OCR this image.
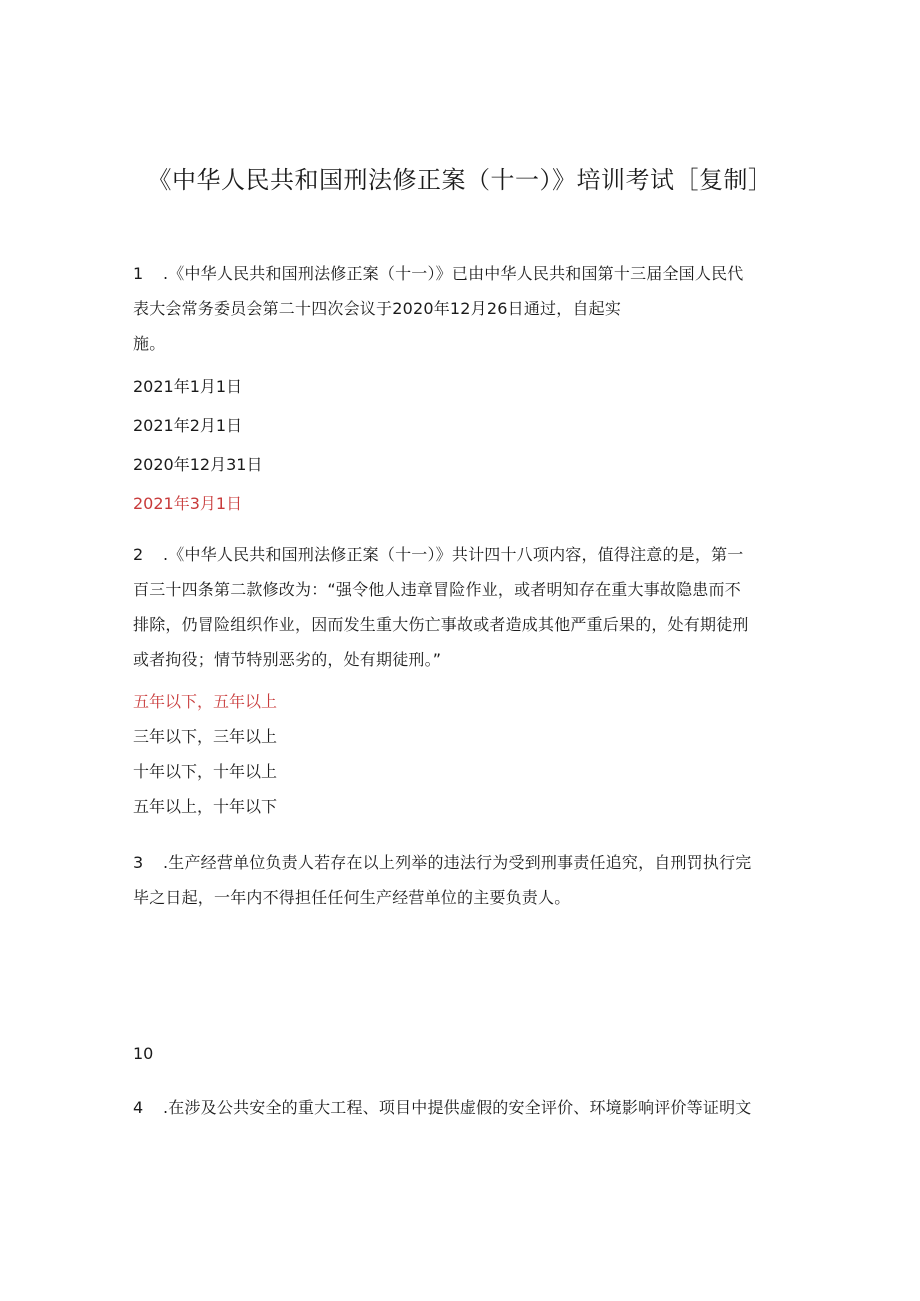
《中华人民共和国刑法修正案（十一）》培训考试［复制］
1 .《中华人民共和国刑法修正案（十一）》已由中华人民共和国第十三届全国人民代
表大会常务委员会第二十四次会议于2020年12月26日通过，自起实
施。
2021年1月1日
2021年2月1日
2020年12月31日
2021年3月1日
2 .《中华人民共和国刑法修正案（十一）》共计四十八项内容，值得注意的是，第一
百三十四条第二款修改为：“强令他人违章冒险作业，或者明知存在重大事故隐患而不
排除，仍冒险组织作业，因而发生重大伤亡事故或者造成其他严重后果的，处有期徒刑
或者拘役；情节特别恶劣的，处有期徒刑。”
五年以下，五年以上
三年以下，三年以上
十年以下，十年以上
五年以上，十年以下
3 .生产经营单位负责人若存在以上列举的违法行为受到刑事责任追究，自刑罚执行完
毕之日起，一年内不得担任任何生产经营单位的主要负责人。
10
4 .在涉及公共安全的重大工程、项目中提供虚假的安全评价、环境影响评价等证明文
